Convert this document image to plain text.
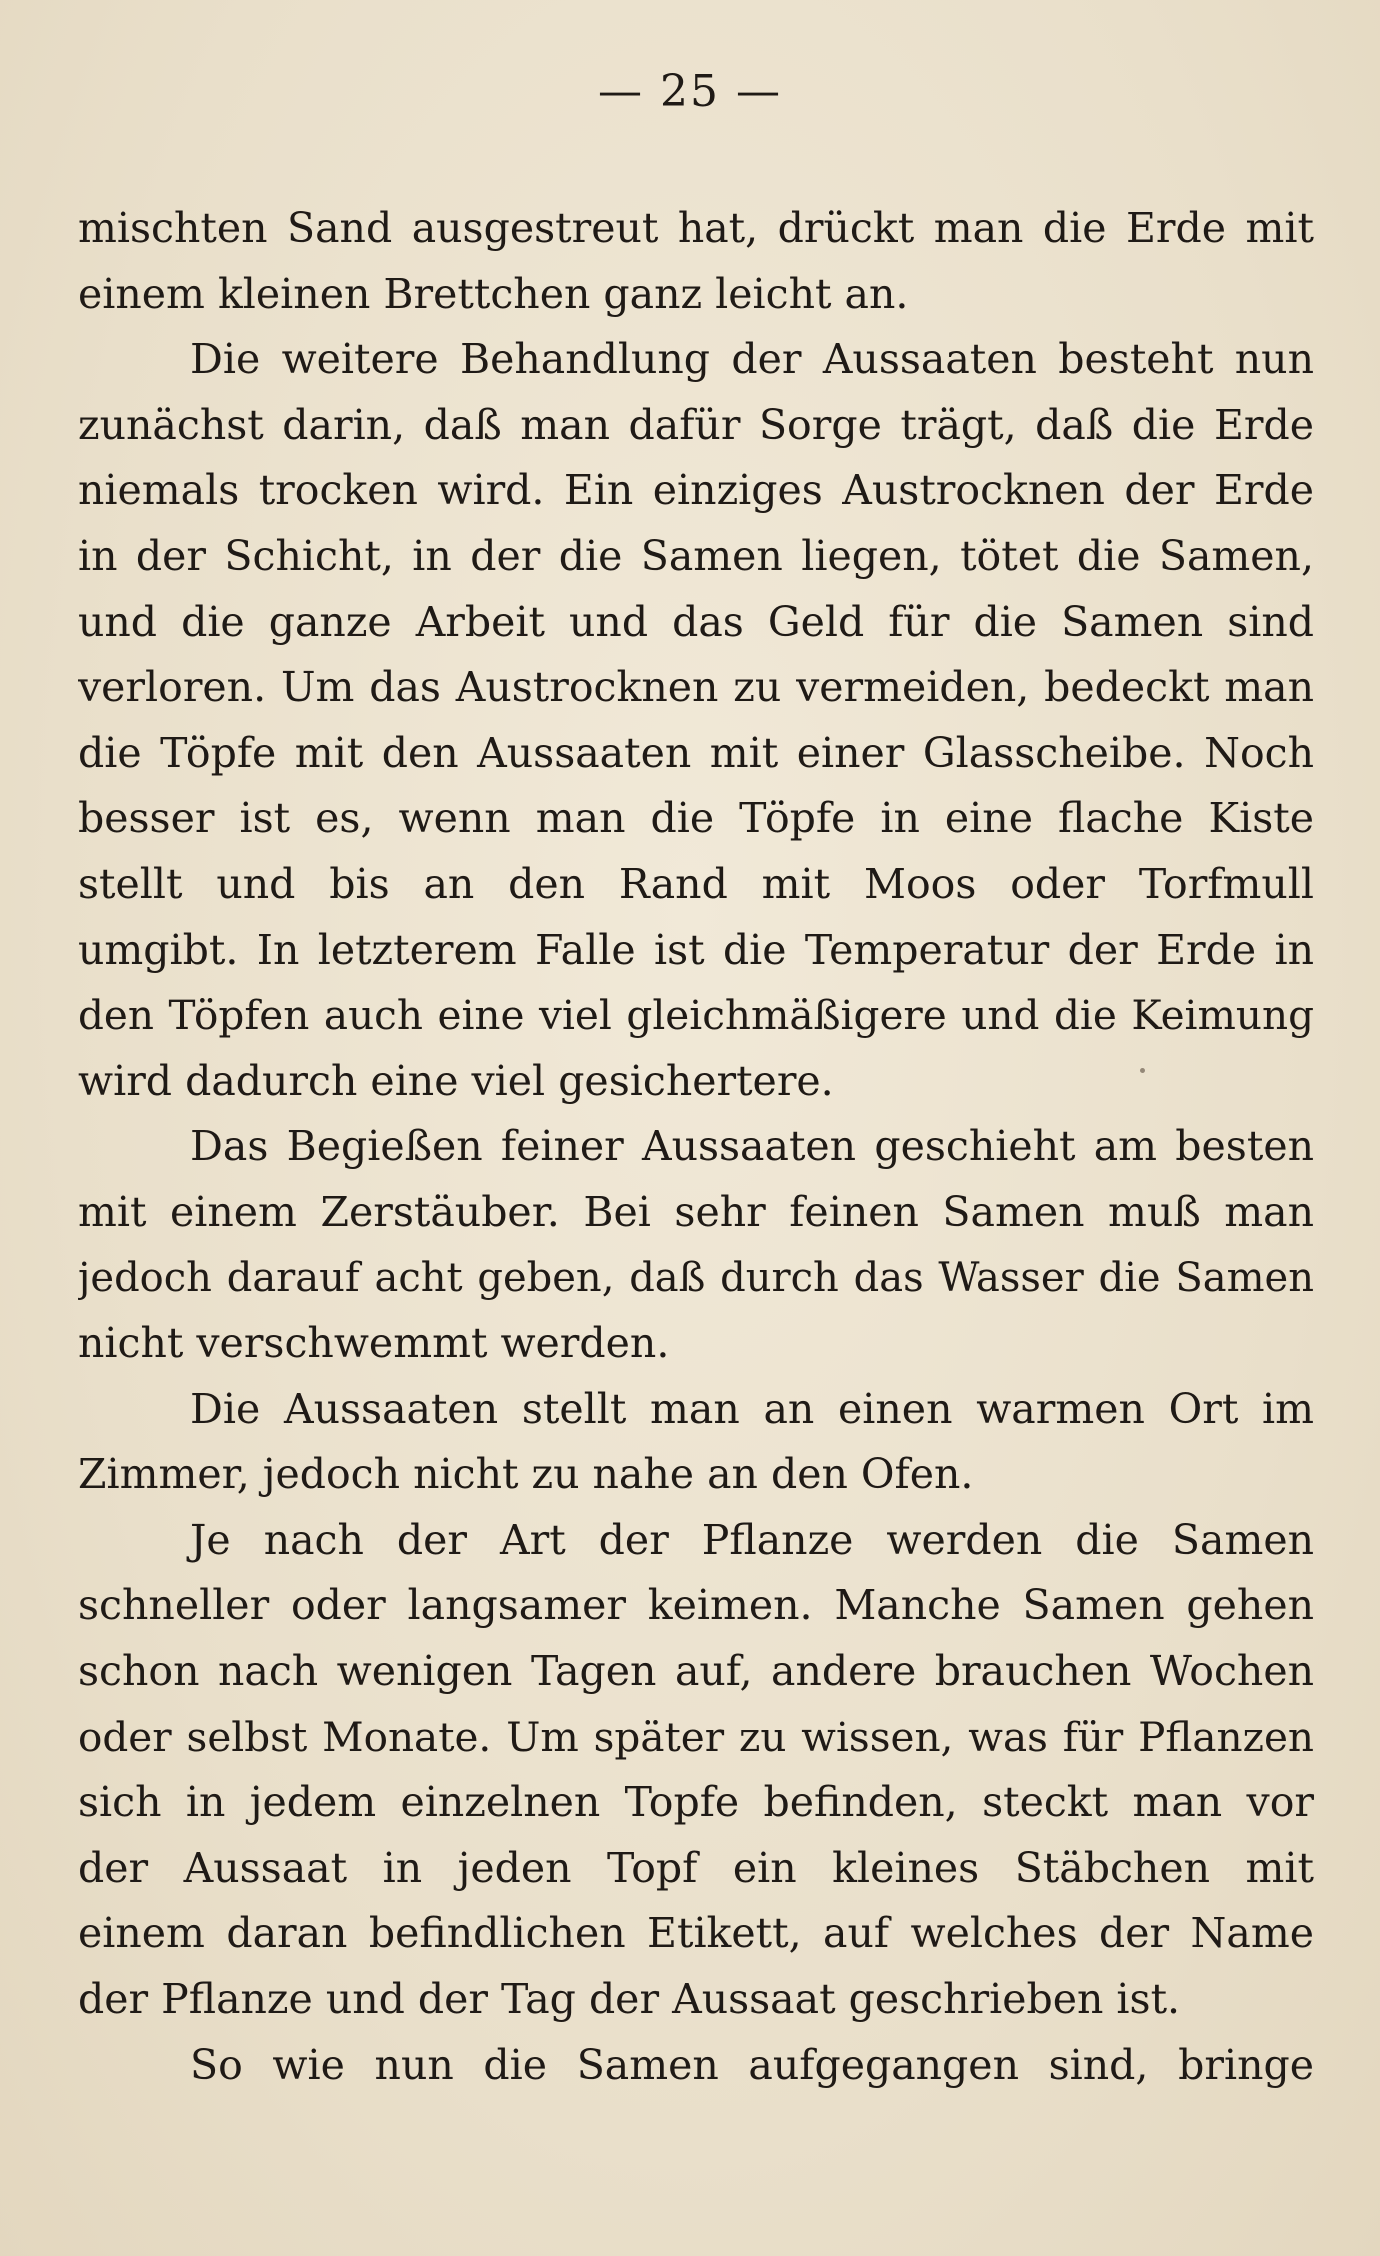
— 25 —
mischten Sand ausgestreut hat, drückt man die Erde mit
einem kleinen Brettchen ganz leicht an.
Die weitere Behandlung der Aussaaten besteht nun
zunächst darin, daß man dafür Sorge trägt, daß die Erde
niemals trocken wird. Ein einziges Austrocknen der Erde
in der Schicht, in der die Samen liegen, tötet die Samen,
und die ganze Arbeit und das Geld für die Samen sind
verloren. Um das Austrocknen zu vermeiden, bedeckt man
die Töpfe mit den Aussaaten mit einer Glasscheibe. Noch
besser ist es, wenn man die Töpfe in eine flache Kiste
stellt und bis an den Rand mit Moos oder Torfmull
umgibt. In letzterem Falle ist die Temperatur der Erde in
den Töpfen auch eine viel gleichmäßigere und die Keimung
wird dadurch eine viel gesichertere.
Das Begießen feiner Aussaaten geschieht am besten
mit einem Zerstäuber. Bei sehr feinen Samen muß man
jedoch darauf acht geben, daß durch das Wasser die Samen
nicht verschwemmt werden.
Die Aussaaten stellt man an einen warmen Ort im
Zimmer, jedoch nicht zu nahe an den Ofen.
Je nach der Art der Pflanze werden die Samen
schneller oder langsamer keimen. Manche Samen gehen
schon nach wenigen Tagen auf, andere brauchen Wochen
oder selbst Monate. Um später zu wissen, was für Pflanzen
sich in jedem einzelnen Topfe befinden, steckt man vor
der Aussaat in jeden Topf ein kleines Stäbchen mit
einem daran befindlichen Etikett, auf welches der Name
der Pflanze und der Tag der Aussaat geschrieben ist.
So wie nun die Samen aufgegangen sind, bringe
